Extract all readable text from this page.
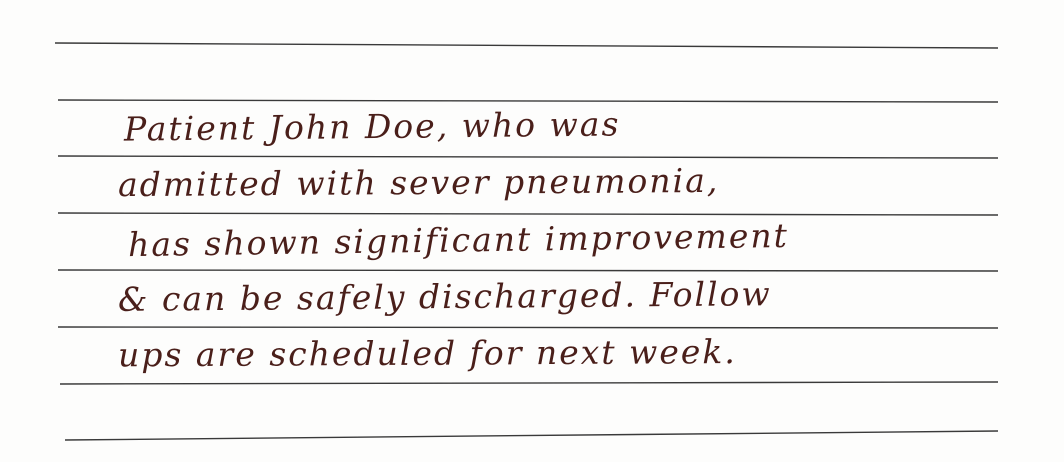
Patient John Doe, who was
admitted with sever pneumonia,
has shown significant improvement
& can be safely discharged. Follow
ups are scheduled for next week.
